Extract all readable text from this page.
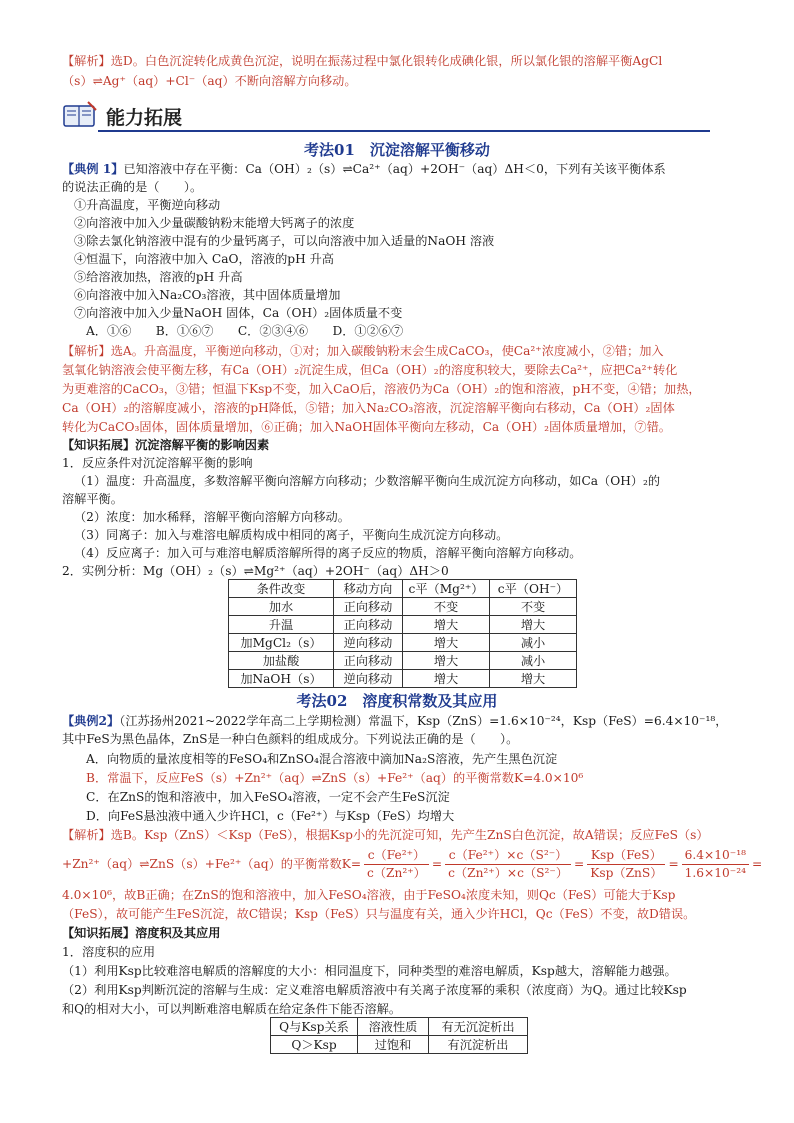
【解析】选D。白色沉淀转化成黄色沉淀，说明在振荡过程中氯化银转化成碘化银，所以氯化银的溶解平衡AgCl
（s）⇌Ag⁺（aq）+Cl⁻（aq）不断向溶解方向移动。
能力拓展
考法01　沉淀溶解平衡移动
【典例 1】已知溶液中存在平衡：Ca（OH）₂（s）⇌Ca²⁺（aq）+2OH⁻（aq）ΔH＜0，下列有关该平衡体系
的说法正确的是（　　）。
①升高温度，平衡逆向移动
②向溶液中加入少量碳酸钠粉末能增大钙离子的浓度
③除去氯化钠溶液中混有的少量钙离子，可以向溶液中加入适量的NaOH 溶液
④恒温下，向溶液中加入 CaO，溶液的pH 升高
⑤给溶液加热，溶液的pH 升高
⑥向溶液中加入Na₂CO₃溶液，其中固体质量增加
⑦向溶液中加入少量NaOH 固体，Ca（OH）₂固体质量不变
A．①⑥　　B．①⑥⑦　　C．②③④⑥　　D．①②⑥⑦
【解析】选A。升高温度，平衡逆向移动，①对；加入碳酸钠粉末会生成CaCO₃，使Ca²⁺浓度减小，②错；加入
氢氧化钠溶液会使平衡左移，有Ca（OH）₂沉淀生成，但Ca（OH）₂的溶度积较大，要除去Ca²⁺，应把Ca²⁺转化
为更难溶的CaCO₃，③错；恒温下Ksp不变，加入CaO后，溶液仍为Ca（OH）₂的饱和溶液，pH不变，④错；加热，
Ca（OH）₂的溶解度减小，溶液的pH降低，⑤错；加入Na₂CO₃溶液，沉淀溶解平衡向右移动，Ca（OH）₂固体
转化为CaCO₃固体，固体质量增加，⑥正确；加入NaOH固体平衡向左移动，Ca（OH）₂固体质量增加，⑦错。
【知识拓展】沉淀溶解平衡的影响因素
1．反应条件对沉淀溶解平衡的影响
（1）温度：升高温度，多数溶解平衡向溶解方向移动；少数溶解平衡向生成沉淀方向移动，如Ca（OH）₂的
溶解平衡。
（2）浓度：加水稀释，溶解平衡向溶解方向移动。
（3）同离子：加入与难溶电解质构成中相同的离子，平衡向生成沉淀方向移动。
（4）反应离子：加入可与难溶电解质溶解所得的离子反应的物质，溶解平衡向溶解方向移动。
2．实例分析：Mg（OH）₂（s）⇌Mg²⁺（aq）+2OH⁻（aq）ΔH＞0
条件改变	移动方向	c平（Mg²⁺）	c平（OH⁻）
加水	正向移动	不变	不变
升温	正向移动	增大	增大
加MgCl₂（s）	逆向移动	增大	减小
加盐酸	正向移动	增大	减小
加NaOH（s）	逆向移动	增大	增大
考法02　溶度积常数及其应用
【典例2】（江苏扬州2021~2022学年高二上学期检测）常温下，Ksp（ZnS）=1.6×10⁻²⁴，Ksp（FeS）=6.4×10⁻¹⁸，
其中FeS为黑色晶体，ZnS是一种白色颜料的组成成分。下列说法正确的是（　　）。
A．向物质的量浓度相等的FeSO₄和ZnSO₄混合溶液中滴加Na₂S溶液，先产生黑色沉淀
B．常温下，反应FeS（s）+Zn²⁺（aq）⇌ZnS（s）+Fe²⁺（aq）的平衡常数K=4.0×10⁶
C．在ZnS的饱和溶液中，加入FeSO₄溶液，一定不会产生FeS沉淀
D．向FeS悬浊液中通入少许HCl，c（Fe²⁺）与Ksp（FeS）均增大
【解析】选B。Ksp（ZnS）＜Ksp（FeS），根据Ksp小的先沉淀可知，先产生ZnS白色沉淀，故A错误；反应FeS（s）
+Zn²⁺（aq）⇌ZnS（s）+Fe²⁺（aq）的平衡常数$K= \frac{\text{c（Fe²⁺）}}{\text{c（Zn²⁺）}} = \frac{\text{c（Fe²⁺）×c（S²⁻）}}{\text{c（Zn²⁺）×c（S²⁻）}} = \frac{\text{Ksp（FeS）}}{\text{Ksp（ZnS）}} = \frac{\text{6.4×10⁻¹⁸}}{\text{1.6×10⁻²⁴}}$ =
4.0×10⁶，故B正确；在ZnS的饱和溶液中，加入FeSO₄溶液，由于FeSO₄浓度未知，则Qc（FeS）可能大于Ksp
（FeS），故可能产生FeS沉淀，故C错误；Ksp（FeS）只与温度有关，通入少许HCl，Qc（FeS）不变，故D错误。
【知识拓展】溶度积及其应用
1．溶度积的应用
（1）利用Ksp比较难溶电解质的溶解度的大小：相同温度下，同种类型的难溶电解质，Ksp越大，溶解能力越强。
（2）利用Ksp判断沉淀的溶解与生成：定义难溶电解质溶液中有关离子浓度幂的乘积（浓度商）为Q。通过比较Ksp
和Q的相对大小，可以判断难溶电解质在给定条件下能否溶解。
Q与Ksp关系	溶液性质	有无沉淀析出
Q＞Ksp	过饱和	有沉淀析出
